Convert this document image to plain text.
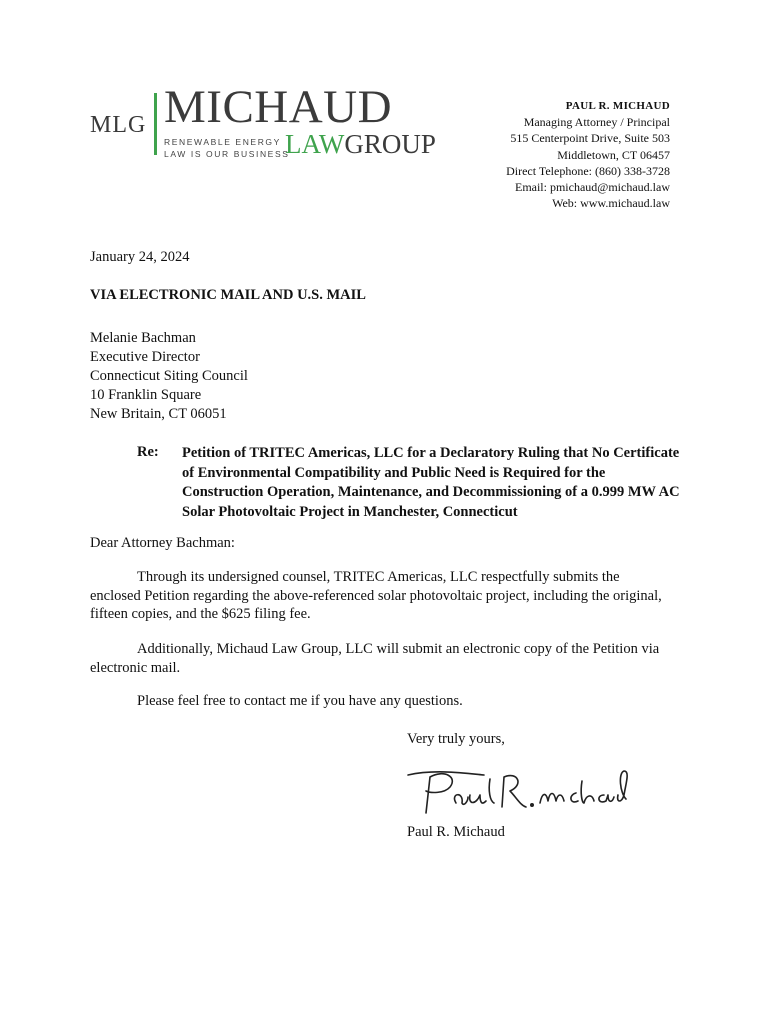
MLG MICHAUD
RENEWABLE ENERGY
LAW IS OUR BUSINESS
LAWGROUP
PAUL R. MICHAUD
Managing Attorney / Principal
515 Centerpoint Drive, Suite 503
Middletown, CT 06457
Direct Telephone: (860) 338-3728
Email: pmichaud@michaud.law
Web: www.michaud.law
January 24, 2024
VIA ELECTRONIC MAIL AND U.S. MAIL
Melanie Bachman
Executive Director
Connecticut Siting Council
10 Franklin Square
New Britain, CT 06051
Re: Petition of TRITEC Americas, LLC for a Declaratory Ruling that No Certificate of Environmental Compatibility and Public Need is Required for the Construction Operation, Maintenance, and Decommissioning of a 0.999 MW AC Solar Photovoltaic Project in Manchester, Connecticut
Dear Attorney Bachman:
Through its undersigned counsel, TRITEC Americas, LLC respectfully submits the enclosed Petition regarding the above-referenced solar photovoltaic project, including the original, fifteen copies, and the $625 filing fee.
Additionally, Michaud Law Group, LLC will submit an electronic copy of the Petition via electronic mail.
Please feel free to contact me if you have any questions.
Very truly yours,
Paul R. Michaud
